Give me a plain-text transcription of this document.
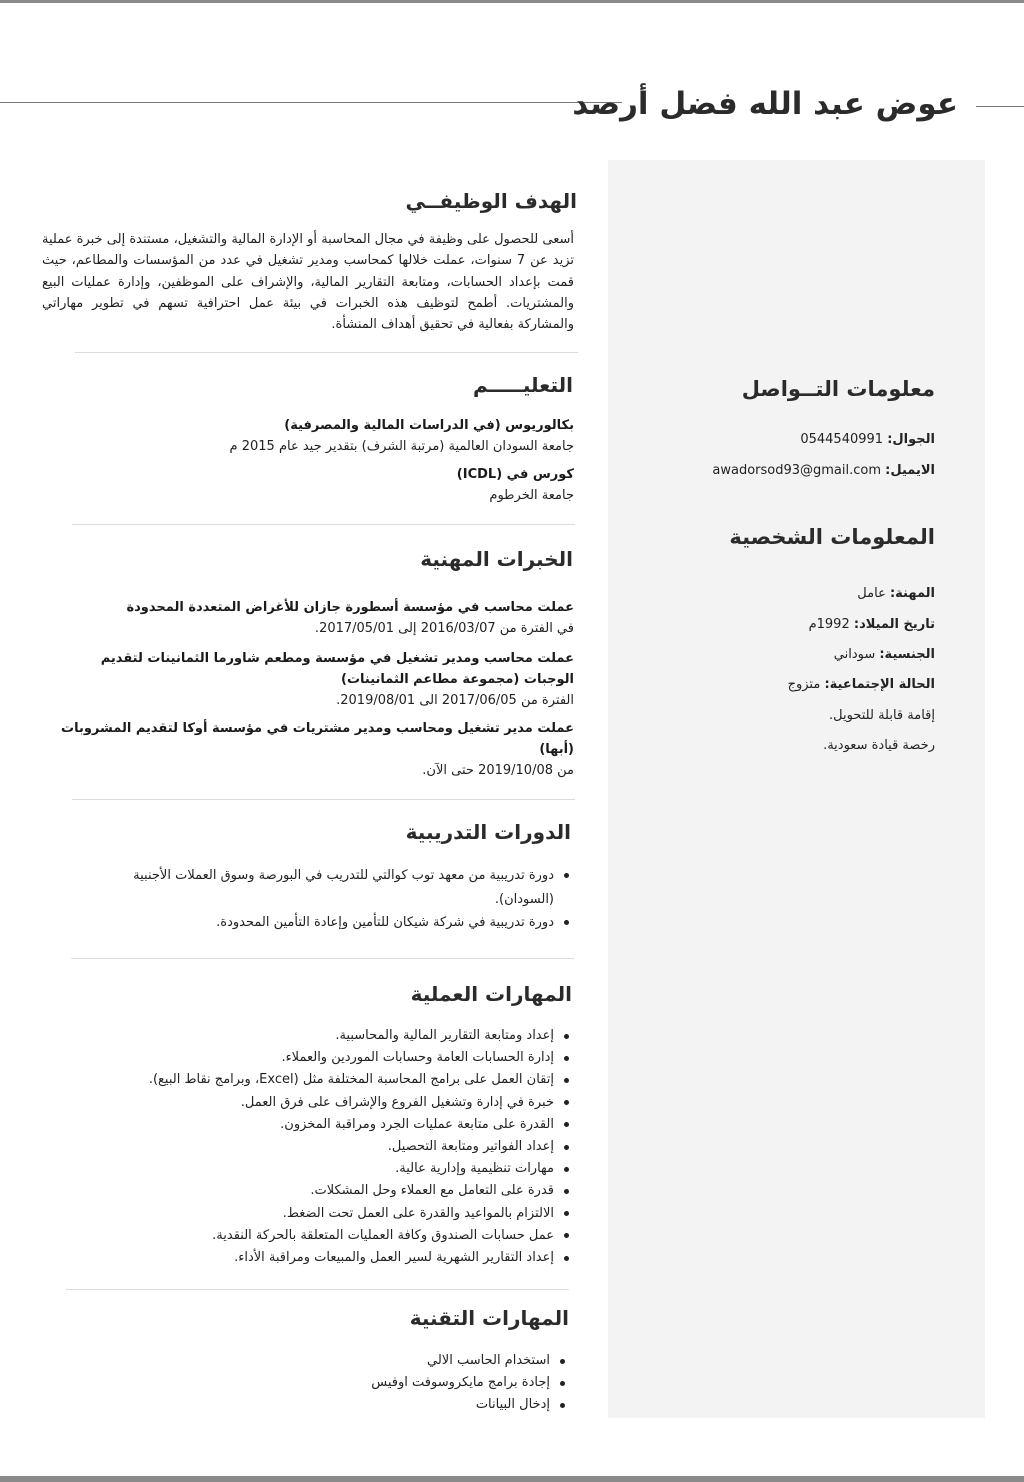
عوض عبد الله فضل أرصد
معلومات التــواصل
الجوال: 0544540991
الايميل: awadorsod93@gmail.com
المعلومات الشخصية
المهنة: عامل
تاريخ الميلاد: 1992م
الجنسية: سوداني
الحالة الإجتماعية: متزوج
إقامة قابلة للتحويل.
رخصة قيادة سعودية.
الهدف الوظيفــي
أسعى للحصول على وظيفة في مجال المحاسبة أو الإدارة المالية والتشغيل، مستندة إلى خبرة عملية تزيد عن 7 سنوات، عملت خلالها كمحاسب ومدير تشغيل في عدد من المؤسسات والمطاعم، حيث قمت بإعداد الحسابات، ومتابعة التقارير المالية، والإشراف على الموظفين، وإدارة عمليات البيع والمشتريات. أطمح لتوظيف هذه الخبرات في بيئة عمل احترافية تسهم في تطوير مهاراتي والمشاركة بفعالية في تحقيق أهداف المنشأة.
التعليـــــم
بكالوريوس (في الدراسات المالية والمصرفية)
جامعة السودان العالمية (مرتبة الشرف) بتقدير جيد عام 2015 م
كورس في (ICDL)
جامعة الخرطوم
الخبرات المهنية
عملت محاسب في مؤسسة أسطورة جازان للأغراض المتعددة المحدودة
في الفترة من 2016/03/07 إلى 2017/05/01.
عملت محاسب ومدير تشغيل في مؤسسة ومطعم شاورما الثمانينات لتقديم الوجبات (مجموعة مطاعم الثمانينات)
الفترة من 2017/06/05 الى 2019/08/01.
عملت مدير تشغيل ومحاسب ومدير مشتريات في مؤسسة أوكا لتقديم المشروبات (أبها)
من 2019/10/08 حتى الآن.
الدورات التدريبية
دورة تدريبية من معهد توب كوالتي للتدريب في البورصة وسوق العملات الأجنبية (السودان).
دورة تدريبية في شركة شيكان للتأمين وإعادة التأمين المحدودة.
المهارات العملية
إعداد ومتابعة التقارير المالية والمحاسبية.
إدارة الحسابات العامة وحسابات الموردين والعملاء.
إتقان العمل على برامج المحاسبة المختلفة مثل (Excel، وبرامج نقاط البيع).
خبرة في إدارة وتشغيل الفروع والإشراف على فرق العمل.
القدرة على متابعة عمليات الجرد ومراقبة المخزون.
إعداد الفواتير ومتابعة التحصيل.
مهارات تنظيمية وإدارية عالية.
قدرة على التعامل مع العملاء وحل المشكلات.
الالتزام بالمواعيد والقدرة على العمل تحت الضغط.
عمل حسابات الصندوق وكافة العمليات المتعلقة بالحركة النقدية.
إعداد التقارير الشهرية لسير العمل والمبيعات ومراقبة الأداء.
المهارات التقنية
استخدام الحاسب الالي
إجادة برامج مايكروسوفت اوفيس
إدخال البيانات
